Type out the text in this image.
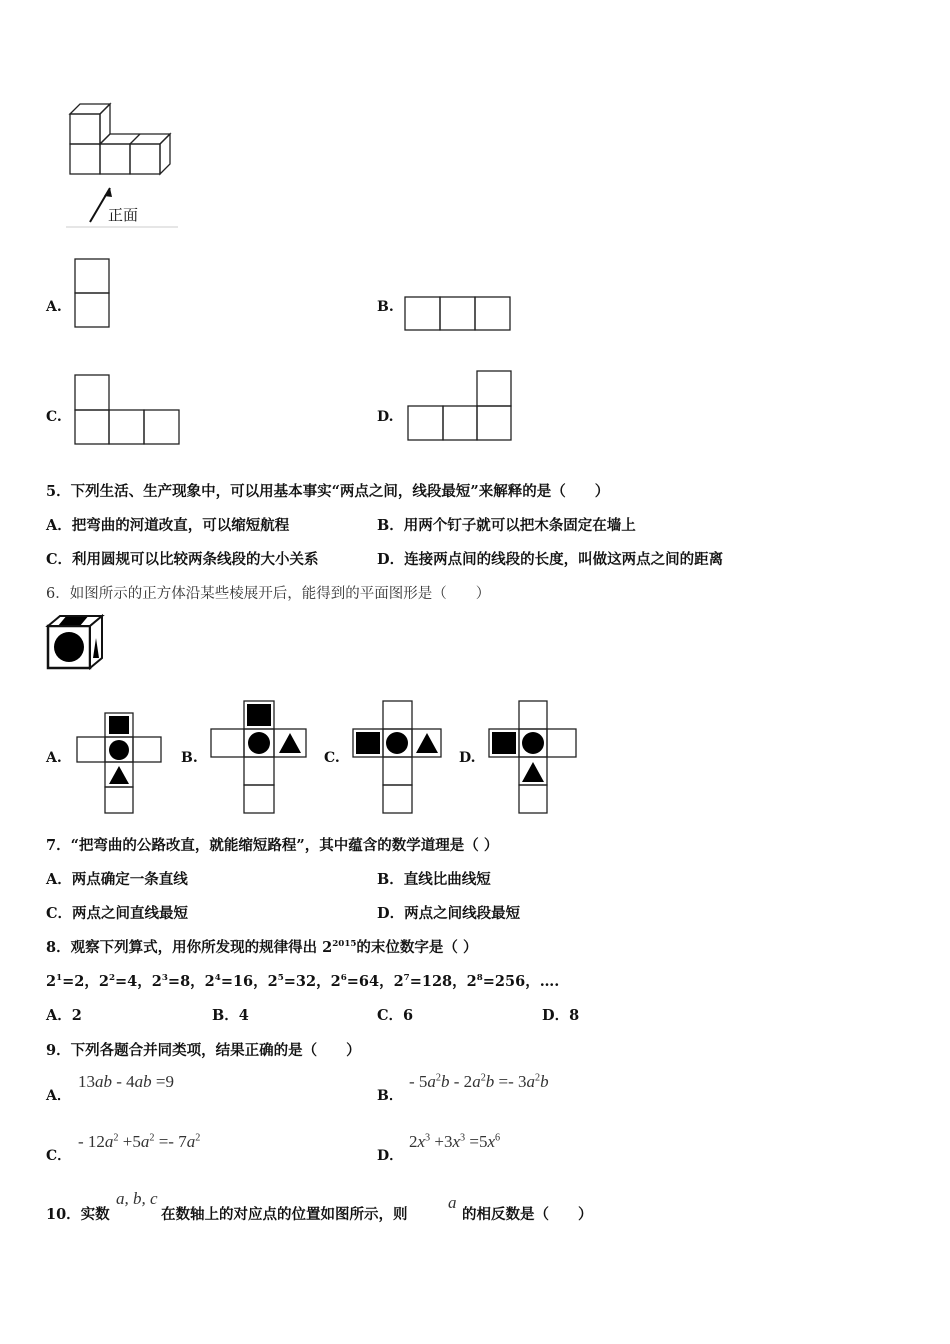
正面
A.	B.
C.	D.
5．下列生活、生产现象中，可以用基本事实“两点之间，线段最短”来解释的是（　　）
A．把弯曲的河道改直，可以缩短航程	B．用两个钉子就可以把木条固定在墙上
C．利用圆规可以比较两条线段的大小关系	D．连接两点间的线段的长度，叫做这两点之间的距离
6．如图所示的正方体沿某些棱展开后，能得到的平面图形是（　　）
A.	B.	C.	D.
7．“把弯曲的公路改直，就能缩短路程”，其中蕴含的数学道理是（ ）
A．两点确定一条直线	B．直线比曲线短
C．两点之间直线最短	D．两点之间线段最短
8．观察下列算式，用你所发现的规律得出 $2^{2015}$的末位数字是（ ）
$2^1=2$，$2^2=4$，$2^3=8$，$2^4=16$，$2^5=32$，$2^6=64$，$2^7=128$，$2^8=256$，….
A．2	B．4	C．6	D．8
9．下列各题合并同类项，结果正确的是（　　）
A．
13ab - 4ab =9
B．
- $5a^2b - 2a^2b =- 3a^2b$
C．
- $12a^2 +5a^2 =- 7a^2$
D．
$2x^3 +3x^3 =5x^6$
10．实数
a, b, c
在数轴上的对应点的位置如图所示，则
a
的相反数是（　　）
